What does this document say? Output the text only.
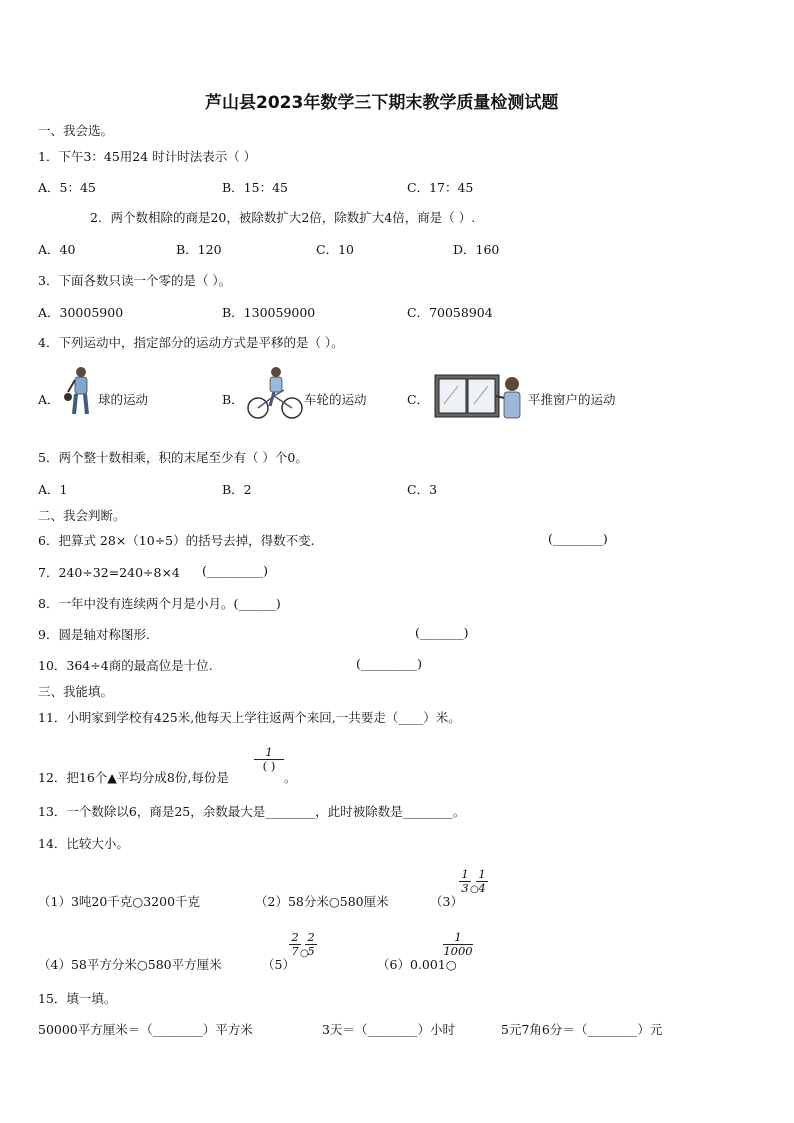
芦山县2023年数学三下期末教学质量检测试题
一、我会选。
1．下午3：45用24 时计时法表示（ ）
A．5：45	B．15：45	C．17：45
2．两个数相除的商是20，被除数扩大2倍，除数扩大4倍，商是（ ）.
A．40	B．120	C．10	D．160
3．下面各数只读一个零的是（ ）。
A．30005900	B．130059000	C．70058904
4．下列运动中，指定部分的运动方式是平移的是（ ）。
A．	球的运动	B．	车轮的运动	C．	平推窗户的运动
5．两个整十数相乘，积的末尾至少有（ ）个0。
A．1	B．2	C．3
二、我会判断。
6．把算式 28×（10÷5）的括号去掉，得数不变.	(________)
7．240÷32=240÷8×4 (_________)
8．一年中没有连续两个月是小月。(______)
9．圆是轴对称图形.	(_______)
10．364÷4商的最高位是十位.	(_________)
三、我能填。
11．小明家到学校有425米,他每天上学往返两个来回,一共要走（____）米。
12．把16个▲平均分成8份,每份是
1
( )
。
13．一个数除以6，商是25，余数最大是________，此时被除数是________。
14．比较大小。
（1）3吨20千克○3200千克	（2）58分米○580厘米	（3）
$\frac{1}{3}$ ○
$\frac{1}{4}$
（4）58平方分米○580平方厘米	（5）
$\frac{2}{7}$ ○
$\frac{2}{5}$
（6）0.001○
$\frac{1}{1000}$
15．填一填。
50000平方厘米＝（________）平方米	3天＝（________）小时	5元7角6分＝（________）元
